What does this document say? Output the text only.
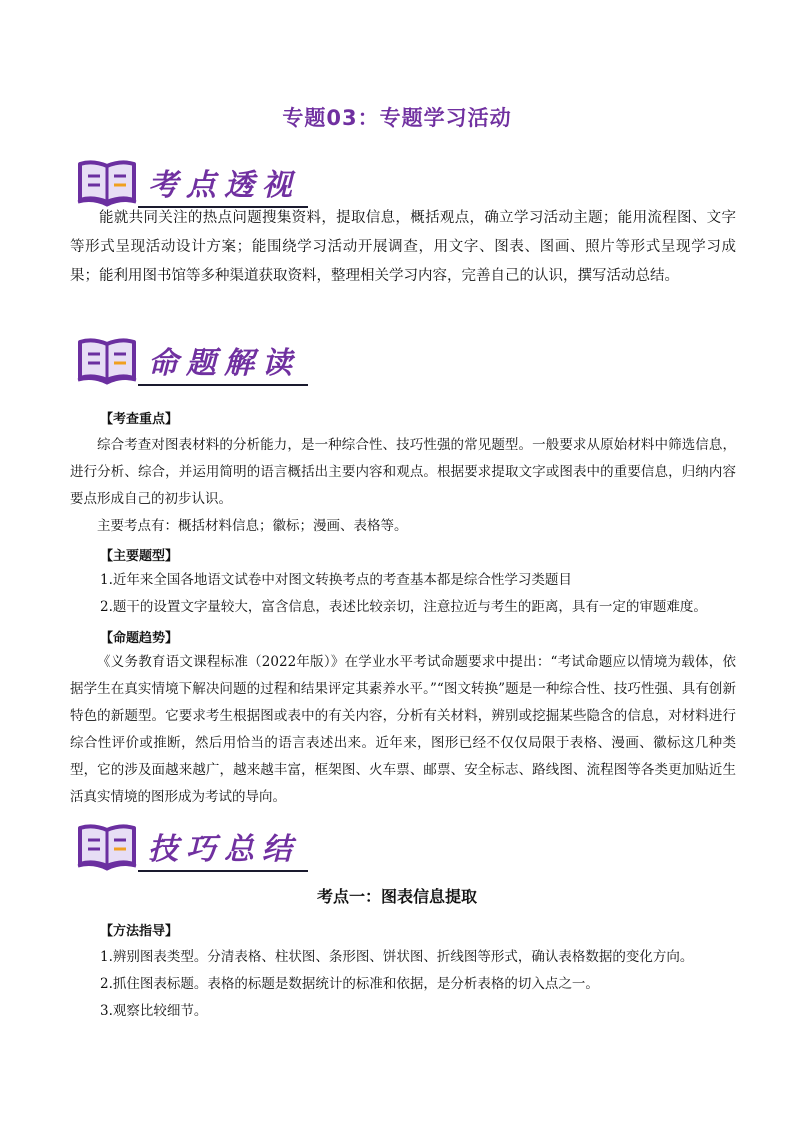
专题03：专题学习活动
考点透视

能就共同关注的热点问题搜集资料，提取信息，概括观点，确立学习活动主题；能用流程图、文字等形式呈现活动设计方案；能围绕学习活动开展调查，用文字、图表、图画、照片等形式呈现学习成果；能利用图书馆等多种渠道获取资料，整理相关学习内容，完善自己的认识，撰写活动总结。

命题解读

【考查重点】

综合考查对图表材料的分析能力，是一种综合性、技巧性强的常见题型。一般要求从原始材料中筛选信息，进行分析、综合，并运用简明的语言概括出主要内容和观点。根据要求提取文字或图表中的重要信息，归纳内容要点形成自己的初步认识。

主要考点有：概括材料信息；徽标；漫画、表格等。

【主要题型】

1.近年来全国各地语文试卷中对图文转换考点的考查基本都是综合性学习类题目

2.题干的设置文字量较大，富含信息，表述比较亲切，注意拉近与考生的距离，具有一定的审题难度。

【命题趋势】

《义务教育语文课程标准（2022年版）》在学业水平考试命题要求中提出：“考试命题应以情境为载体，依据学生在真实情境下解决问题的过程和结果评定其素养水平。”“图文转换”题是一种综合性、技巧性强、具有创新特色的新题型。它要求考生根据图或表中的有关内容，分析有关材料，辨别或挖掘某些隐含的信息，对材料进行综合性评价或推断，然后用恰当的语言表述出来。近年来，图形已经不仅仅局限于表格、漫画、徽标这几种类型，它的涉及面越来越广，越来越丰富，框架图、火车票、邮票、安全标志、路线图、流程图等各类更加贴近生活真实情境的图形成为考试的导向。

技巧总结
考点一：图表信息提取

【方法指导】

1.辨别图表类型。分清表格、柱状图、条形图、饼状图、折线图等形式，确认表格数据的变化方向。

2.抓住图表标题。表格的标题是数据统计的标准和依据，是分析表格的切入点之一。

3.观察比较细节。
